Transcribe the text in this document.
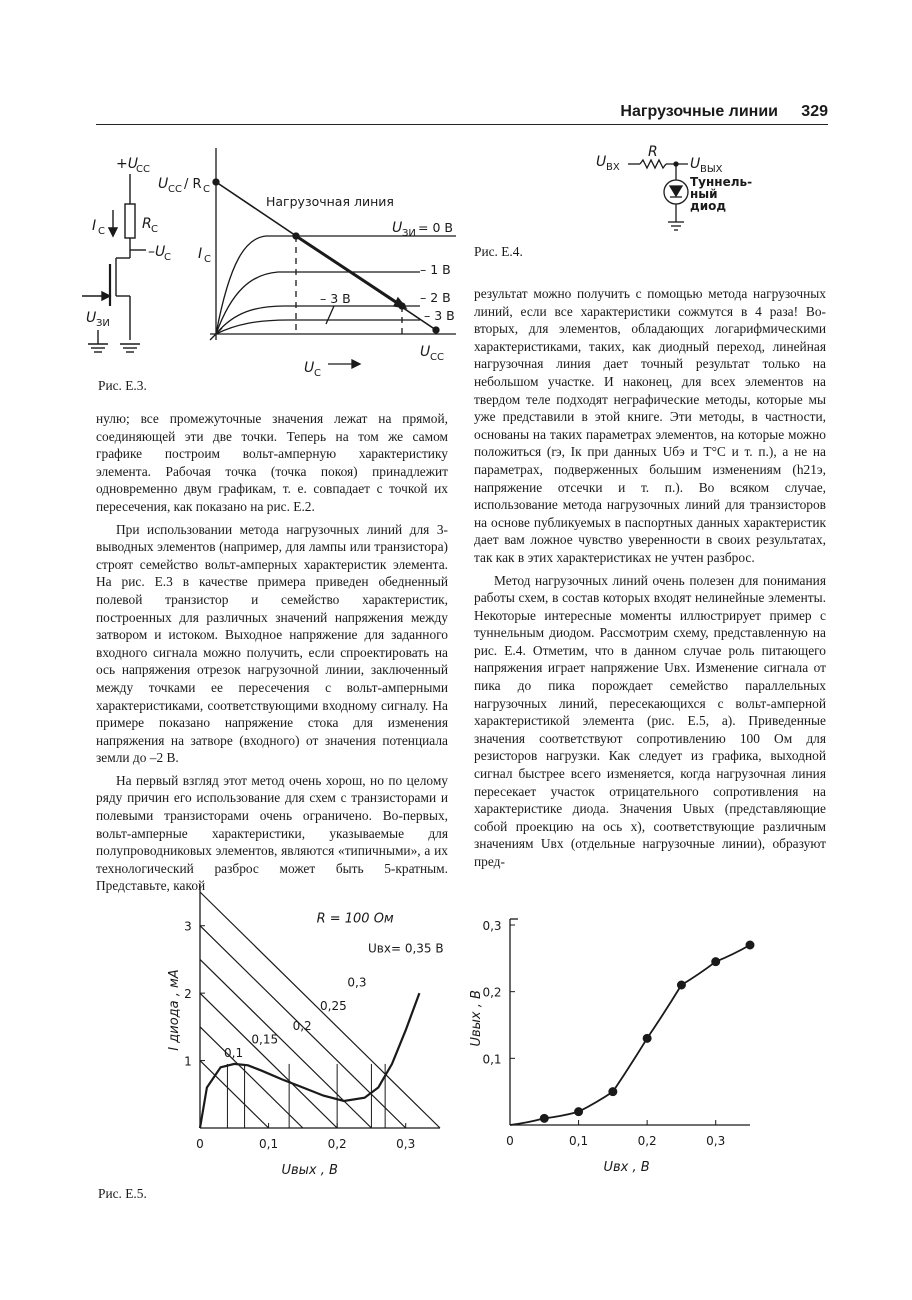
Нагрузочные линии 329
+U
СС
R С
I С
–U
С
U ЗИ
U СС / R С
I С
U С
U СС
Нагрузочная линия
U ЗИ = 0 В
– 1 В
– 2 В
– 3 В
– 3 В
Рис. Е.3.
U ВХ
R
U ВЫХ
Туннель-
ный
диод
Рис. Е.4.

нулю; все промежуточные значения лежат на прямой, соединяющей эти две точки. Теперь на том же самом графике построим вольт-амперную характеристику элемента. Рабочая точка (точка покоя) принадлежит одновременно двум графикам, т. е. совпадает с точкой их пересечения, как показано на рис. Е.2.

При использовании метода нагрузочных линий для 3-выводных элементов (например, для лампы или транзистора) строят семейство вольт-амперных характеристик элемента. На рис. Е.3 в качестве примера приведен обедненный полевой транзистор и семейство характеристик, построенных для различных значений напряжения между затвором и истоком. Выходное напряжение для заданного входного сигнала можно получить, если спроектировать на ось напряжения отрезок нагрузочной линии, заключенный между точками ее пересечения с вольт-амперными характеристиками, соответствующими входному сигналу. На примере показано напряжение стока для изменения напряжения на затворе (входного) от значения потенциала земли до –2 В.

На первый взгляд этот метод очень хорош, но по целому ряду причин его использование для схем с транзисторами и полевыми транзисторами очень ограничено. Во-первых, вольт-амперные характеристики, указываемые для полупроводниковых элементов, являются «типичными», а их технологический разброс может быть 5-кратным. Представьте, какой

результат можно получить с помощью метода нагрузочных линий, если все характеристики сожмутся в 4 раза! Во-вторых, для элементов, обладающих логарифмическими характеристиками, таких, как диодный переход, линейная нагрузочная линия дает точный результат только на небольшом участке. И наконец, для всех элементов на твердом теле подходят неграфические методы, которые мы уже представили в этой книге. Эти методы, в частности, основаны на таких параметрах элементов, на которые можно положиться (rэ, Iк при данных Uбэ и T°C и т. п.), а не на параметрах, подверженных большим изменениям (h21э, напряжение отсечки и т. п.). Во всяком случае, использование метода нагрузочных линий для транзисторов на основе публикуемых в паспортных данных характеристик дает вам ложное чувство уверенности в своих результатах, так как в этих характеристиках не учтен разброс.

Метод нагрузочных линий очень полезен для понимания работы схем, в состав которых входят нелинейные элементы. Некоторые интересные моменты иллюстрирует пример с туннельным диодом. Рассмотрим схему, представленную на рис. Е.4. Отметим, что в данном случае роль питающего напряжения играет напряжение Uвх. Изменение сигнала от пика до пика порождает семейство параллельных нагрузочных линий, пересекающихся с вольт-амперной характеристикой элемента (рис. Е.5, а). Приведенные значения соответствуют сопротивлению 100 Ом для резисторов нагрузки. Как следует из графика, выходной сигнал быстрее всего изменяется, когда нагрузочная линия пересекает участок отрицательного сопротивления на характеристике диода. Значения Uвых (представляющие собой проекцию на ось x), соответствующие различным значениям Uвх (отдельные нагрузочные линии), образуют пред-

0	0,1	0,2	0,3
1
2
3
0,1
0,15
0,2
0,25
0,3
Uвх= 0,35 В
R = 100 Ом
Uвых , В
I диода , мА
0	0,1	0,2	0,3
0,1
0,2
0,3
Uвх , В
Uвых , В
Рис. Е.5.
